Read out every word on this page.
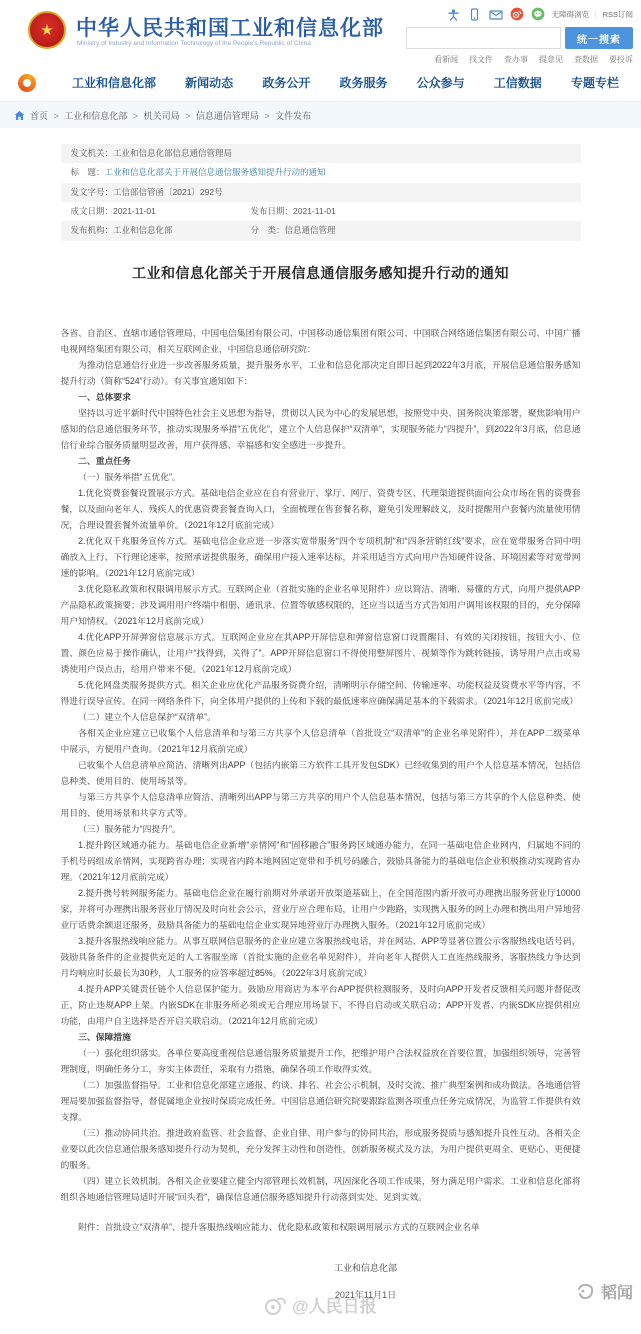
★ 中华人民共和国工业和信息化部
Ministry of Industry and Information Technology of the People's Republic of China
无障碍浏览	｜ RSS订阅
统一搜索
看新闻 找文件 查办事 提意见 查数据 要投诉
工业和信息化部 新闻动态 政务公开 政务服务 公众参与 工信数据 专题专栏
首页 > 工业和信息化部 > 机关司局 > 信息通信管理局 > 文件发布
发文机关： 工业和信息化部信息通信管理局
标　题： 工业和信息化部关于开展信息通信服务感知提升行动的通知
发文字号： 工信部信管函〔2021〕292号
成文日期： 2021-11-01	发布日期： 2021-11-01
发布机构： 工业和信息化部	分　类： 信息通信管理
工业和信息化部关于开展信息通信服务感知提升行动的通知

各省、自治区、直辖市通信管理局，中国电信集团有限公司、中国移动通信集团有限公司、中国联合网络通信集团有限公司、中国广播电视网络集团有限公司，相关互联网企业，中国信息通信研究院：

为推动信息通信行业进一步改善服务质量，提升服务水平，工业和信息化部决定自即日起到2022年3月底，开展信息通信服务感知提升行动（简称“524”行动）。有关事宜通知如下：

一、总体要求

坚持以习近平新时代中国特色社会主义思想为指导，贯彻以人民为中心的发展思想，按照党中央、国务院决策部署，聚焦影响用户感知的信息通信服务环节，推动实现服务举措“五优化”，建立个人信息保护“双清单”，实现服务能力“四提升”，到2022年3月底，信息通信行业综合服务质量明显改善，用户获得感、幸福感和安全感进一步提升。

二、重点任务

（一）服务举措“五优化”。

1.优化资费套餐设置展示方式。基础电信企业应在自有营业厅、掌厅、网厅、资费专区、代理渠道提供面向公众市场在售的资费套餐，以及面向老年人、残疾人的优惠资费套餐查询入口，全面梳理在售套餐名称，避免引发理解歧义，及时提醒用户套餐内流量使用情况，合理设置套餐外流量单价。（2021年12月底前完成）

2.优化双千兆服务宣传方式。基础电信企业应进一步落实宽带服务“四个专项机制”和“四条营销红线”要求，应在宽带服务合同中明确放入上行、下行理论速率，按照承诺提供服务，确保用户接入速率达标，并采用适当方式向用户告知硬件设备、环境因素等对宽带网速的影响。（2021年12月底前完成）

3.优化隐私政策和权限调用展示方式。互联网企业（首批实施的企业名单见附件）应以简洁、清晰、易懂的方式，向用户提供APP产品隐私政策摘要；涉及调用用户终端中相册、通讯录、位置等敏感权限的，还应当以适当方式告知用户调用该权限的目的，充分保障用户知情权。（2021年12月底前完成）

4.优化APP开屏弹窗信息展示方式。互联网企业应在其APP开屏信息和弹窗信息窗口设置醒目、有效的关闭按钮，按钮大小、位置、颜色应易于操作确认，让用户“找得到，关得了”。APP开屏信息窗口不得使用整屏图片、视频等作为跳转链接，诱导用户点击或易诱使用户误点击，给用户带来不便。（2021年12月底前完成）

5.优化网盘类服务提供方式。相关企业应优化产品服务资费介绍，清晰明示存储空间、传输速率、功能权益及资费水平等内容，不得进行误导宣传。在同一网络条件下，向全体用户提供的上传和下载的最低速率应确保满足基本的下载需求。（2021年12月底前完成）

（二）建立个人信息保护“双清单”。

各相关企业应建立已收集个人信息清单和与第三方共享个人信息清单（首批设立“双清单”的企业名单见附件），并在APP二级菜单中展示，方便用户查询。（2021年12月底前完成）

已收集个人信息清单应简洁、清晰列出APP（包括内嵌第三方软件工具开发包SDK）已经收集到的用户个人信息基本情况，包括信息种类、使用目的、使用场景等。

与第三方共享个人信息清单应简洁、清晰列出APP与第三方共享的用户个人信息基本情况，包括与第三方共享的个人信息种类、使用目的、使用场景和共享方式等。

（三）服务能力“四提升”。

1.提升跨区域通办能力。基础电信企业新增“亲情网”和“固移融合”服务跨区域通办能力，在同一基础电信企业网内，归属地不同的手机号码组成亲情网，实现跨省办理；实现省内跨本地网固定宽带和手机号码融合，鼓励具备能力的基础电信企业积极推动实现跨省办理。（2021年12月底前完成）

2.提升携号转网服务能力。基础电信企业在履行前期对外承诺开放渠道基础上，在全国范围内新开放可办理携出服务营业厅10000家，并将可办理携出服务营业厅情况及时向社会公示，营业厅应合理布局，让用户少跑路，实现携入服务的网上办理和携出用户异地营业厅话费余额退还服务，鼓励具备能力的基础电信企业实现异地营业厅办理携入服务。（2021年12月底前完成）

3.提升客服热线响应能力。从事互联网信息服务的企业应建立客服热线电话，并在网站、APP等显著位置公示客服热线电话号码，鼓励具备条件的企业提供充足的人工客服坐席（首批实施的企业名单见附件），并向老年人提供人工直连热线服务，客服热线力争达到月均响应时长最长为30秒，人工服务的应答率超过85%。（2022年3月底前完成）

4.提升APP关键责任链个人信息保护能力。鼓励应用商店为本平台APP提供检测服务，及时向APP开发者反馈相关问题并督促改正，防止违规APP上架。内嵌SDK在非服务所必须或无合理应用场景下，不得自启动或关联启动；APP开发者、内嵌SDK应提供相应功能，由用户自主选择是否开启关联启动。（2021年12月底前完成）

三、保障措施

（一）强化组织落实。各单位要高度重视信息通信服务质量提升工作，把维护用户合法权益放在首要位置，加强组织领导，完善管理制度，明确任务分工，夯实主体责任，采取有力措施，确保各项工作取得实效。

（二）加强监督指导。工业和信息化部建立通报、约谈、排名、社会公示机制，及时交流、推广典型案例和成功做法。各地通信管理局要加强监督指导，督促属地企业按时保质完成任务。中国信息通信研究院要跟踪监测各项重点任务完成情况，为监管工作提供有效支撑。

（三）推动协同共治。推进政府监管、社会监督、企业自律、用户参与的协同共治，形成服务提质与感知提升良性互动。各相关企业要以此次信息通信服务感知提升行动为契机，充分发挥主动性和创造性，创新服务模式及方法，为用户提供更周全、更贴心、更便捷的服务。

（四）建立长效机制。各相关企业要建立健全内部管理长效机制，巩固深化各项工作成果，努力满足用户需求。工业和信息化部将组织各地通信管理局适时开展“回头看”，确保信息通信服务感知提升行动落到实处、见到实效。

附件：首批设立“双清单”、提升客服热线响应能力、优化隐私政策和权限调用展示方式的互联网企业名单

工业和信息化部
2021年11月1日
@人民日报
韬闻
